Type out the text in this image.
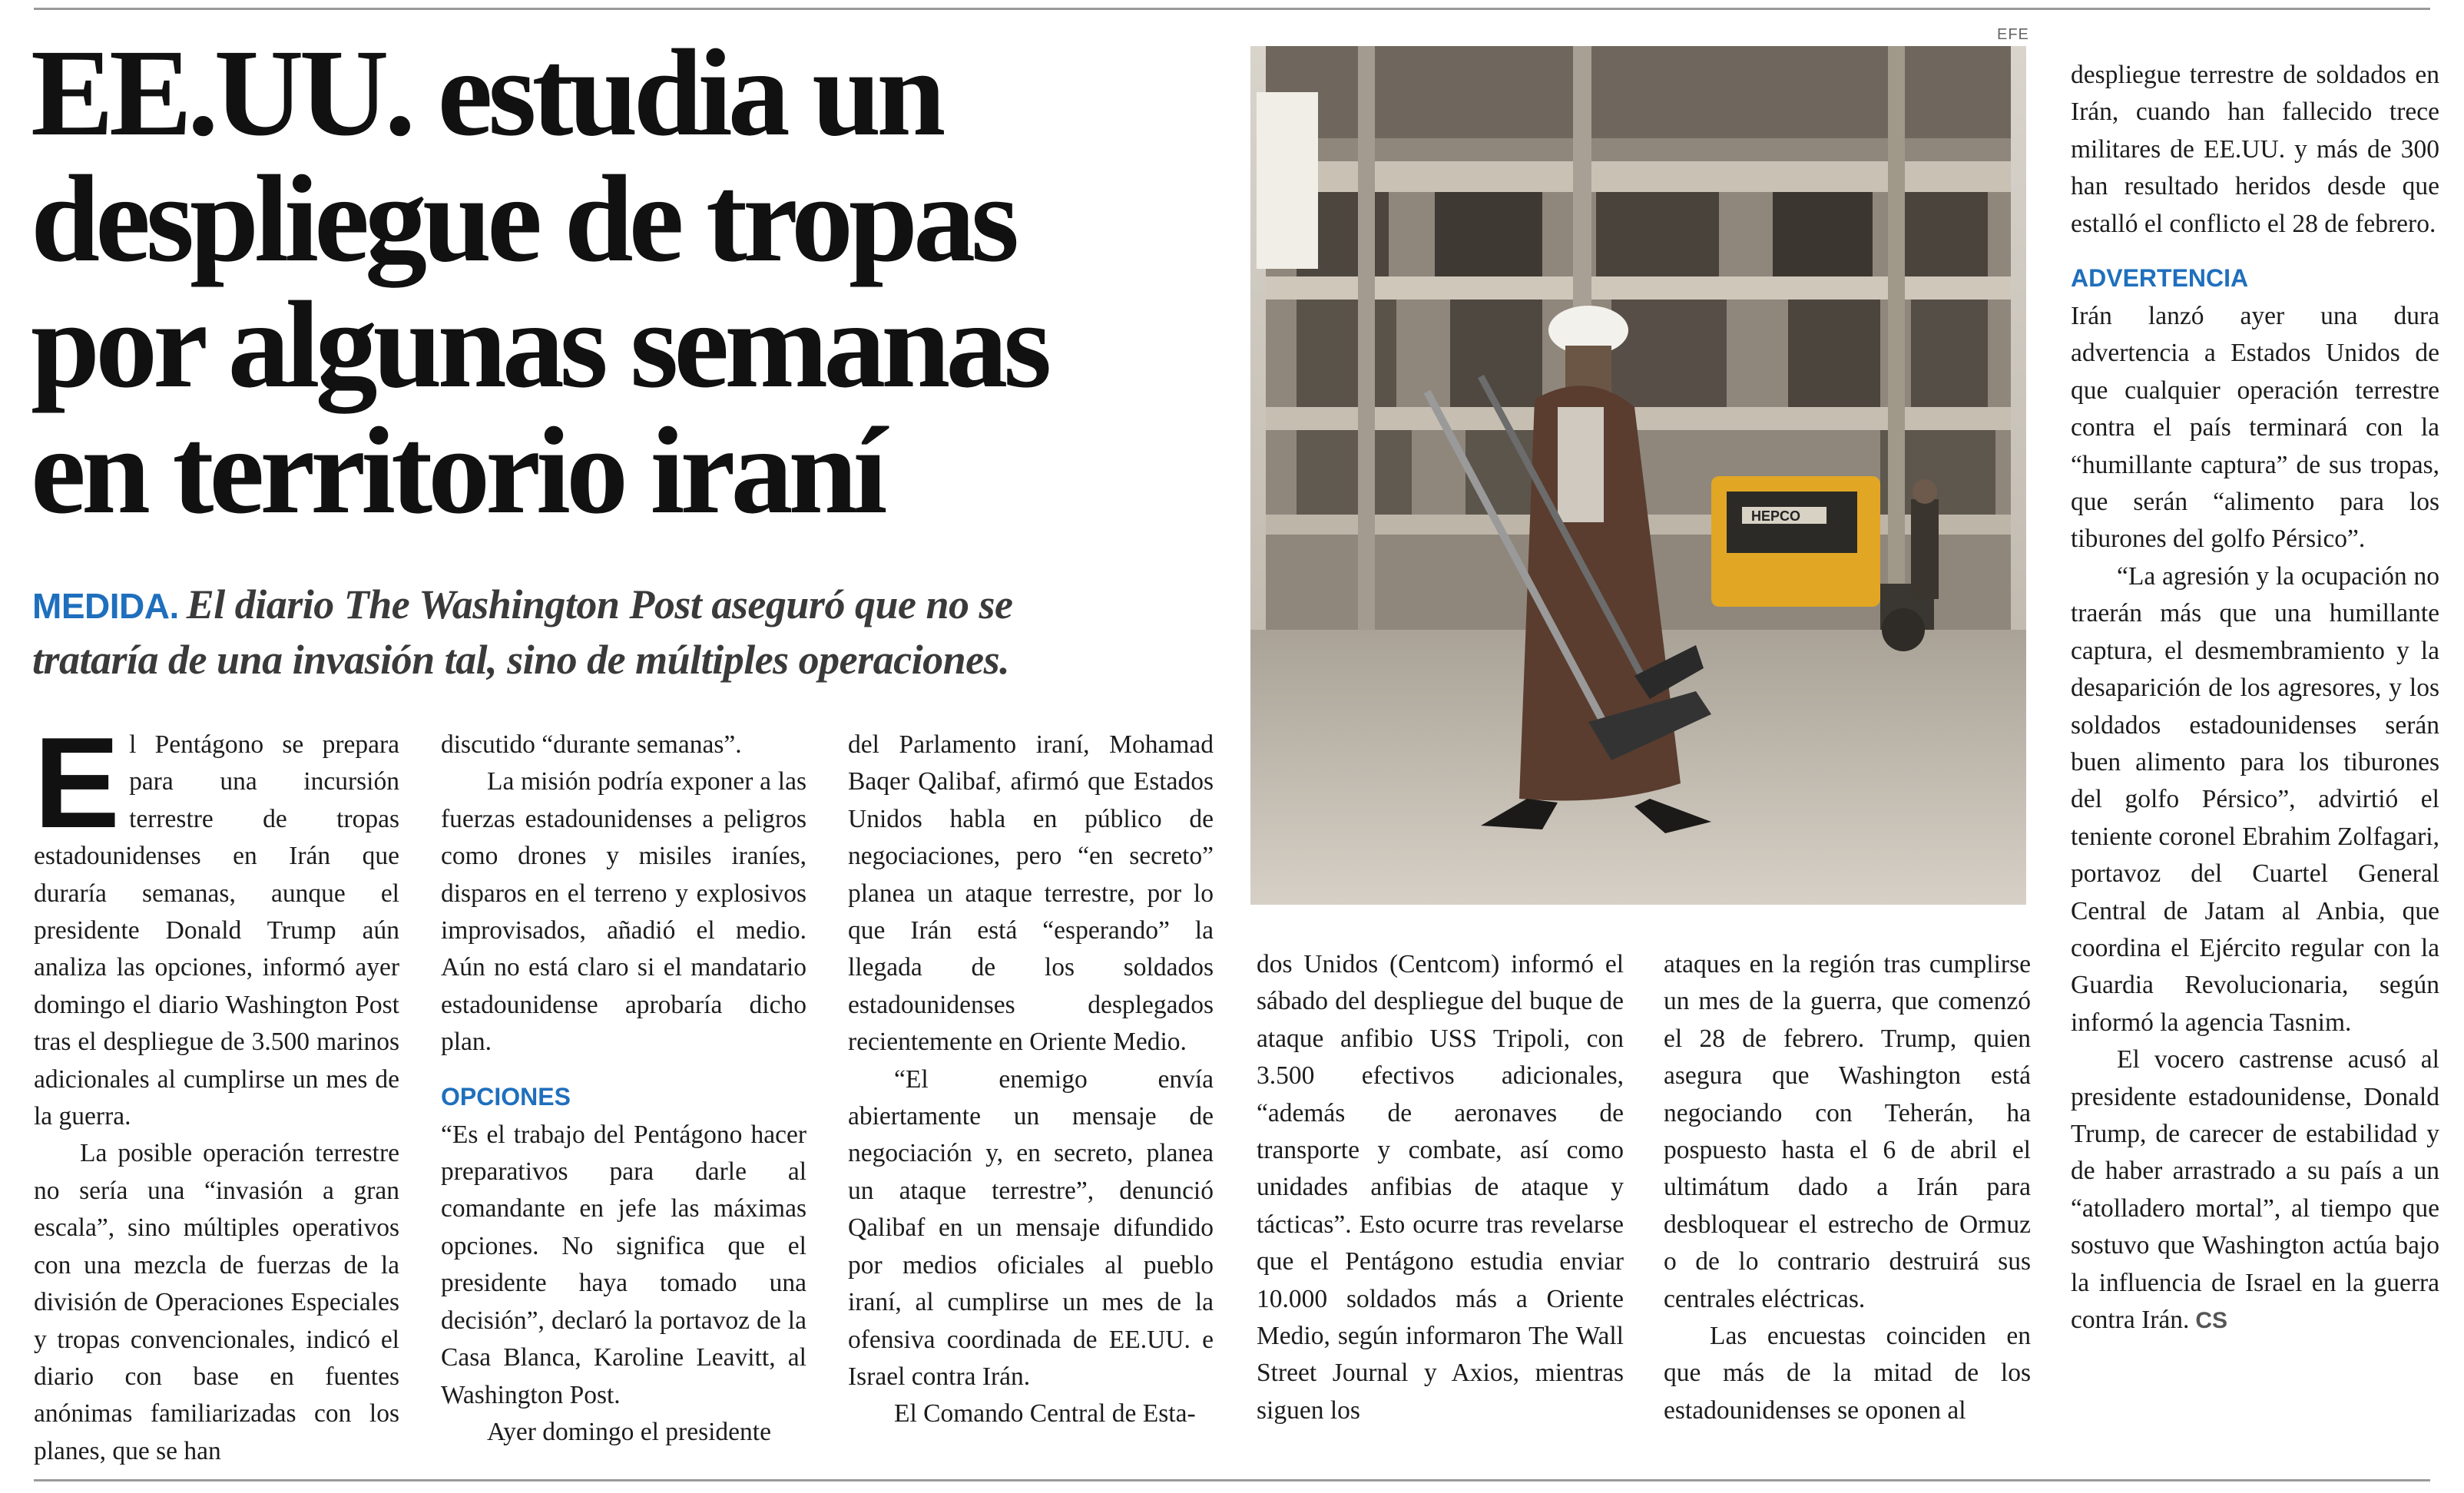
EE.UU. estudia un
despliegue de tropas
por algunas semanas
en territorio iraní

MEDIDA. El diario The Washington Post aseguró que no se
trataría de una invasión tal, sino de múltiples operaciones.

EFE
HEPCO

El Pentágono se prepara para una incursión terrestre de tropas estadounidenses en Irán que duraría semanas, aunque el presidente Donald Trump aún analiza las opciones, informó ayer domingo el diario Washington Post tras el despliegue de 3.500 marinos adicionales al cumplirse un mes de la guerra.

La posible operación terrestre no sería una “invasión a gran escala”, sino múltiples operativos con una mezcla de fuerzas de la división de Operaciones Especiales y tropas convencionales, indicó el diario con base en fuentes anónimas familiarizadas con los planes, que se han

discutido “durante semanas”.

La misión podría exponer a las fuerzas estadounidenses a peligros como drones y misiles iraníes, disparos en el terreno y explosivos improvisados, añadió el medio. Aún no está claro si el mandatario estadounidense aprobaría dicho plan.

OPCIONES

“Es el trabajo del Pentágono hacer preparativos para darle al comandante en jefe las máximas opciones. No significa que el presidente haya tomado una decisión”, declaró la portavoz de la Casa Blanca, Karoline Leavitt, al Washington Post.

Ayer domingo el presidente

del Parlamento iraní, Mohamad Baqer Qalibaf, afirmó que Estados Unidos habla en público de negociaciones, pero “en secreto” planea un ataque terrestre, por lo que Irán está “esperando” la llegada de los soldados estadounidenses desplegados recientemente en Oriente Medio.

“El enemigo envía abiertamente un mensaje de negociación y, en secreto, planea un ataque terrestre”, denunció Qalibaf en un mensaje difundido por medios oficiales al pueblo iraní, al cumplirse un mes de la ofensiva coordinada de EE.UU. e Israel contra Irán.

El Comando Central de Esta-

dos Unidos (Centcom) informó el sábado del despliegue del buque de ataque anfibio USS Tripoli, con 3.500 efectivos adicionales, “además de aeronaves de transporte y combate, así como unidades anfibias de ataque y tácticas”. Esto ocurre tras revelarse que el Pentágono estudia enviar 10.000 soldados más a Oriente Medio, según informaron The Wall Street Journal y Axios, mientras siguen los

ataques en la región tras cumplirse un mes de la guerra, que comenzó el 28 de febrero. Trump, quien asegura que Washington está negociando con Teherán, ha pospuesto hasta el 6 de abril el ultimátum dado a Irán para desbloquear el estrecho de Ormuz o de lo contrario destruirá sus centrales eléctricas.

Las encuestas coinciden en que más de la mitad de los estadounidenses se oponen al

despliegue terrestre de soldados en Irán, cuando han fallecido trece militares de EE.UU. y más de 300 han resultado heridos desde que estalló el conflicto el 28 de febrero.

ADVERTENCIA

Irán lanzó ayer una dura advertencia a Estados Unidos de que cualquier operación terrestre contra el país terminará con la “humillante captura” de sus tropas, que serán “alimento para los tiburones del golfo Pérsico”.

“La agresión y la ocupación no traerán más que una humillante captura, el desmembramiento y la desaparición de los agresores, y los soldados estadounidenses serán buen alimento para los tiburones del golfo Pérsico”, advirtió el teniente coronel Ebrahim Zolfagari, portavoz del Cuartel General Central de Jatam al Anbia, que coordina el Ejército regular con la Guardia Revolucionaria, según informó la agencia Tasnim.

El vocero castrense acusó al presidente estadounidense, Donald Trump, de carecer de estabilidad y de haber arrastrado a su país a un “atolladero mortal”, al tiempo que sostuvo que Washington actúa bajo la influencia de Israel en la guerra contra Irán. CS
